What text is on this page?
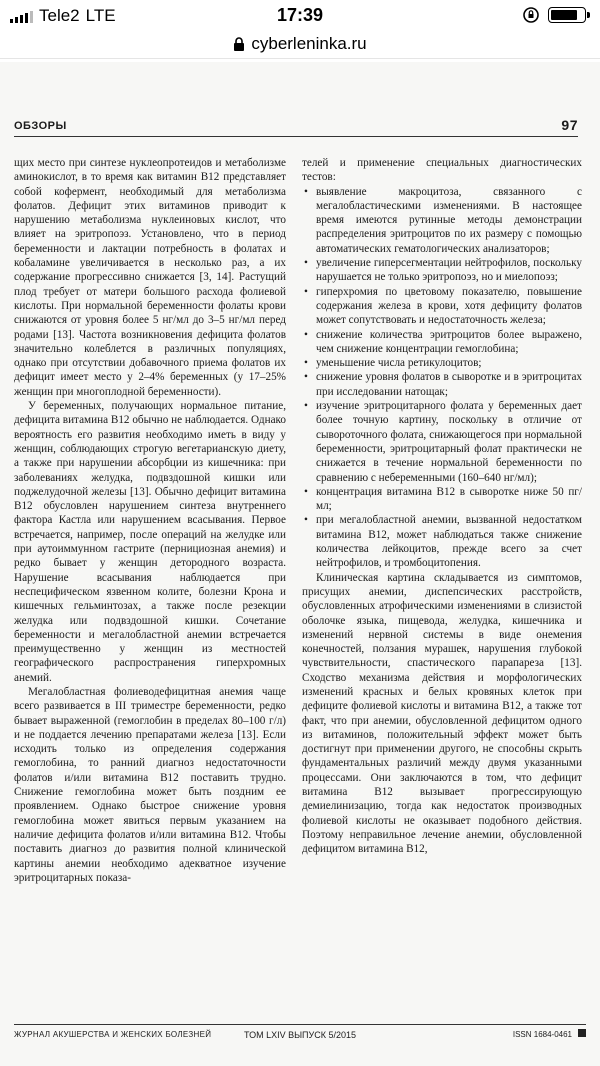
Tele2 LTE	17:39
cyberleninka.ru
ОБЗОРЫ	97

щих место при синтезе нуклеопротеидов и метаболизме аминокислот, в то время как витамин B12 представляет собой кофермент, необходимый для метаболизма фолатов. Дефицит этих витаминов приводит к нарушению метаболизма нуклеиновых кислот, что влияет на эритропоэз. Установлено, что в период беременности и лактации потребность в фолатах и кобаламине увеличивается в несколько раз, а их содержание прогрессивно снижается [3, 14]. Растущий плод требует от матери большого расхода фолиевой кислоты. При нормальной беременности фолаты крови снижаются от уровня более 5 нг/мл до 3–5 нг/мл перед родами [13]. Частота возникновения дефицита фолатов значительно колеблется в различных популяциях, однако при отсутствии добавочного приема фолатов их дефицит имеет место у 2–4% беременных (у 17–25% женщин при многоплодной беременности).

У беременных, получающих нормальное питание, дефицита витамина B12 обычно не наблюдается. Однако вероятность его развития необходимо иметь в виду у женщин, соблюдающих строгую вегетарианскую диету, а также при нарушении абсорбции из кишечника: при заболеваниях желудка, подвздошной кишки или поджелудочной железы [13]. Обычно дефицит витамина B12 обусловлен нарушением синтеза внутреннего фактора Кастла или нарушением всасывания. Первое встречается, например, после операций на желудке или при аутоиммунном гастрите (пернициозная анемия) и редко бывает у женщин детородного возраста. Нарушение всасывания наблюдается при неспецифическом язвенном колите, болезни Крона и кишечных гельминтозах, а также после резекции желудка или подвздошной кишки. Сочетание беременности и мегалобластной анемии встречается преимущественно у женщин из местностей географического распространения гиперхромных анемий.

Мегалобластная фолиеводефицитная анемия чаще всего развивается в III триместре беременности, редко бывает выраженной (гемоглобин в пределах 80–100 г/л) и не поддается лечению препаратами железа [13]. Если исходить только из определения содержания гемоглобина, то ранний диагноз недостаточности фолатов и/или витамина B12 поставить трудно. Снижение гемоглобина может быть поздним ее проявлением. Однако быстрое снижение уровня гемоглобина может явиться первым указанием на наличие дефицита фолатов и/или витамина B12. Чтобы поставить диагноз до развития полной клинической картины анемии необходимо адекватное изучение эритроцитарных показа-

телей и применение специальных диагностических тестов:

• выявление макроцитоза, связанного с мегалобластическими изменениями. В настоящее время имеются рутинные методы демонстрации распределения эритроцитов по их размеру с помощью автоматических гематологических анализаторов;
• увеличение гиперсегментации нейтрофилов, поскольку нарушается не только эритропоэз, но и миелопоэз;
• гиперхромия по цветовому показателю, повышение содержания железа в крови, хотя дефициту фолатов может сопутствовать и недостаточность железа;
• снижение количества эритроцитов более выражено, чем снижение концентрации гемоглобина;
• уменьшение числа ретикулоцитов;
• снижение уровня фолатов в сыворотке и в эритроцитах при исследовании натощак;
• изучение эритроцитарного фолата у беременных дает более точную картину, поскольку в отличие от сывороточного фолата, снижающегося при нормальной беременности, эритроцитарный фолат практически не снижается в течение нормальной беременности по сравнению с небеременными (160–640 нг/мл);
• концентрация витамина B12 в сыворотке ниже 50 пг/мл;
• при мегалобластной анемии, вызванной недостатком витамина B12, может наблюдаться также снижение количества лейкоцитов, прежде всего за счет нейтрофилов, и тромбоцитопения.

Клиническая картина складывается из симптомов, присущих анемии, диспепсических расстройств, обусловленных атрофическими изменениями в слизистой оболочке языка, пищевода, желудка, кишечника и изменений нервной системы в виде онемения конечностей, ползания мурашек, нарушения глубокой чувствительности, спастического парапареза [13]. Сходство механизма действия и морфологических изменений красных и белых кровяных клеток при дефиците фолиевой кислоты и витамина B12, а также тот факт, что при анемии, обусловленной дефицитом одного из витаминов, положительный эффект может быть достигнут при применении другого, не способны скрыть фундаментальных различий между двумя указанными процессами. Они заключаются в том, что дефицит витамина B12 вызывает прогрессирующую демиелинизацию, тогда как недостаток производных фолиевой кислоты не оказывает подобного действия. Поэтому неправильное лечение анемии, обусловленной дефицитом витамина B12,

ЖУРНАЛ АКУШЕРСТВА И ЖЕНСКИХ БОЛЕЗНЕЙ	ТОМ LXIV ВЫПУСК 5/2015	ISSN 1684-0461
